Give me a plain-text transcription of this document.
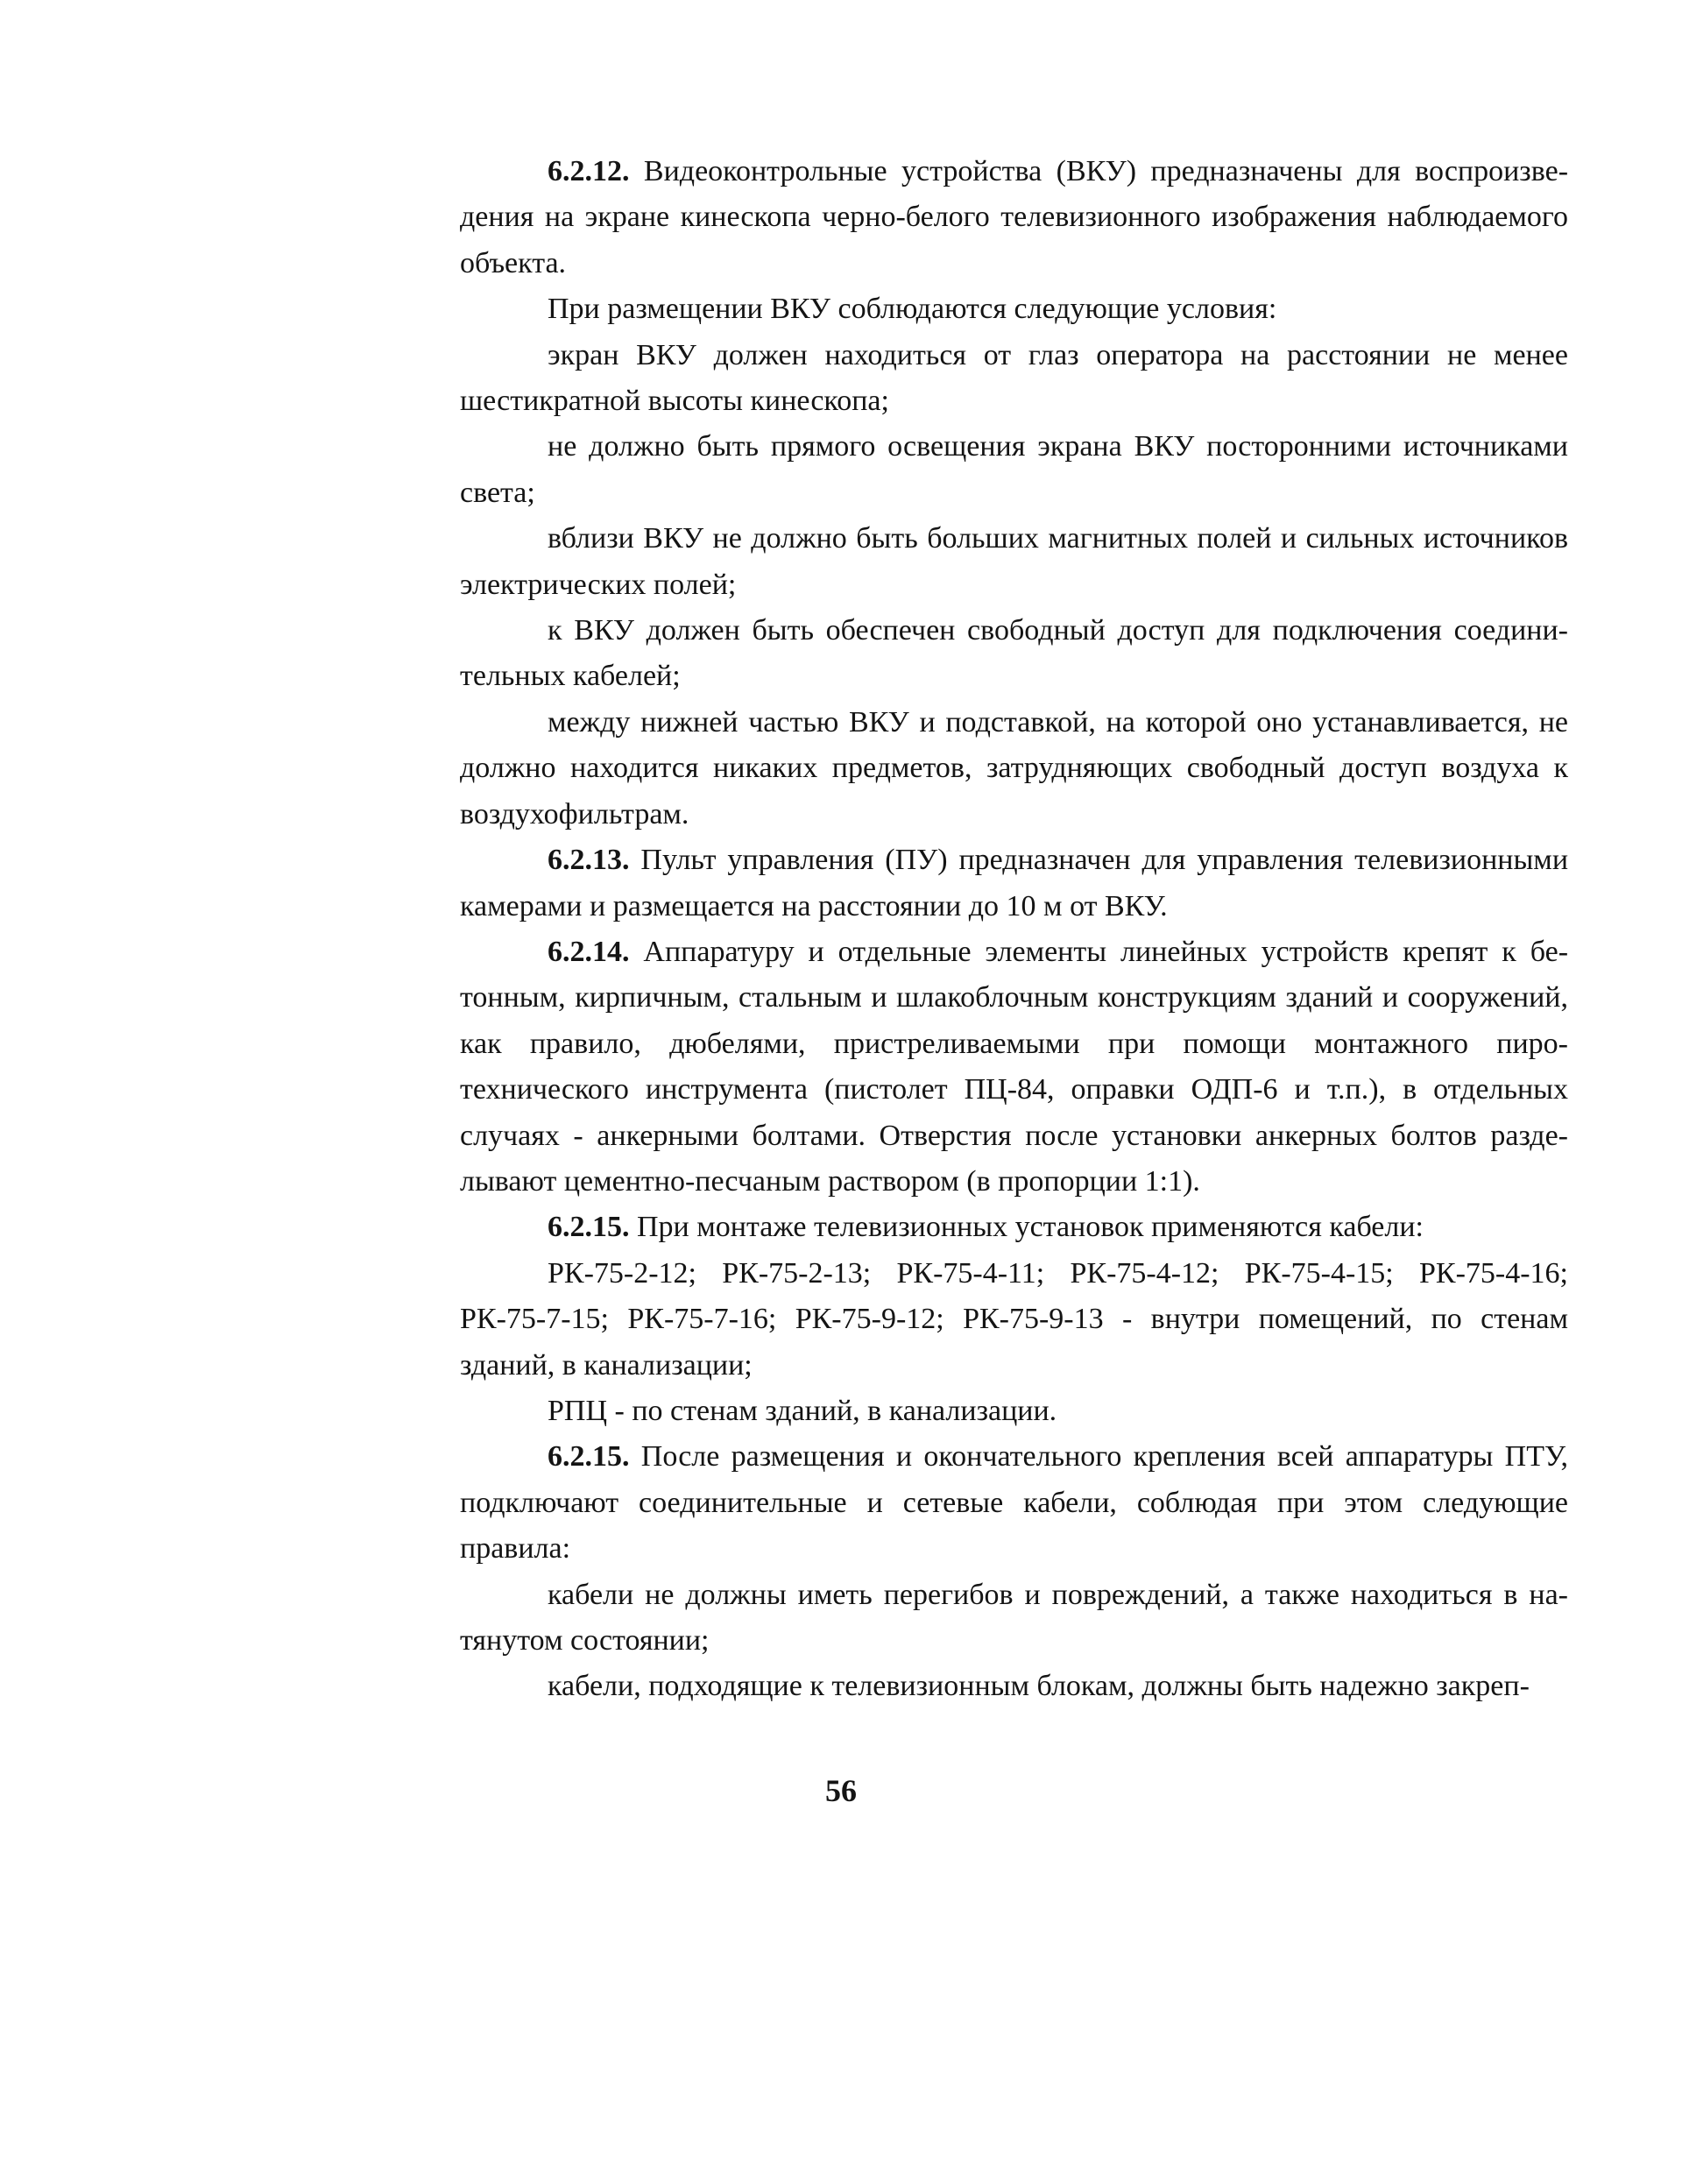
6.2.12. Видеоконтрольные устройства (ВКУ) предназначены для воспроизведения на экране кинескопа черно-белого телевизионного изображения наблюдаемого объекта.

При размещении ВКУ соблюдаются следующие условия:

экран ВКУ должен находиться от глаз оператора на расстоянии не менее шестикратной высоты кинескопа;

не должно быть прямого освещения экрана ВКУ посторонними источниками света;

вблизи ВКУ не должно быть больших магнитных полей и сильных источников электрических полей;

к ВКУ должен быть обеспечен свободный доступ для подключения соединительных кабелей;

между нижней частью ВКУ и подставкой, на которой оно устанавливается, не должно находится никаких предметов, затрудняющих свободный доступ воздуха к воздухофильтрам.

6.2.13. Пульт управления (ПУ) предназначен для управления телевизионными камерами и размещается на расстоянии до 10 м от ВКУ.

6.2.14. Аппаратуру и отдельные элементы линейных устройств крепят к бетонным, кирпичным, стальным и шлакоблочным конструкциям зданий и сооружений, как правило, дюбелями, пристреливаемыми при помощи монтажного пиротехнического инструмента (пистолет ПЦ-84, оправки ОДП-6 и т.п.), в отдельных случаях - анкерными болтами. Отверстия после установки анкерных болтов разделывают цементно-песчаным раствором (в пропорции 1:1).

6.2.15. При монтаже телевизионных установок применяются кабели:

РК-75-2-12; РК-75-2-13; РК-75-4-11; РК-75-4-12; РК-75-4-15; РК-75-4-16; РК-75-7-15; РК-75-7-16; РК-75-9-12; РК-75-9-13 - внутри помещений, по стенам зданий, в канализации;

РПЦ - по стенам зданий, в канализации.

6.2.15. После размещения и окончательного крепления всей аппаратуры ПТУ, подключают соединительные и сетевые кабели, соблюдая при этом следующие правила:

кабели не должны иметь перегибов и повреждений, а также находиться в натянутом состоянии;

кабели, подходящие к телевизионным блокам, должны быть надежно закреп-

56
